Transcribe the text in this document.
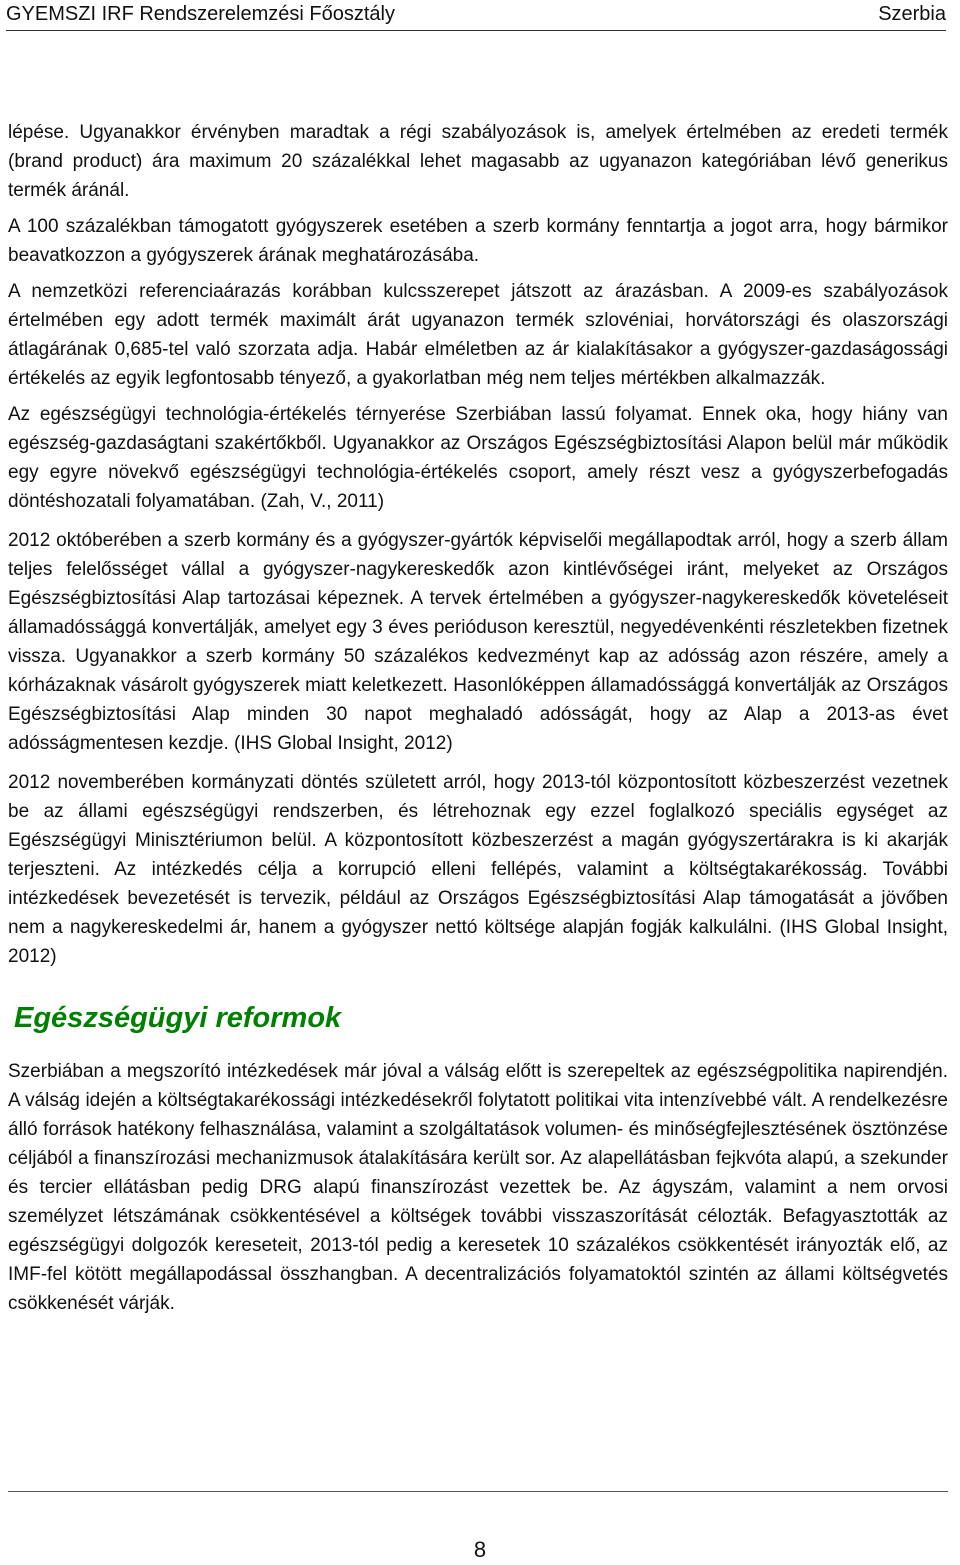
GYEMSZI IRF Rendszerelemzési Főosztály	Szerbia

lépése. Ugyanakkor érvényben maradtak a régi szabályozások is, amelyek értelmében az eredeti termék (brand product) ára maximum 20 százalékkal lehet magasabb az ugyanazon kategóriában lévő generikus termék áránál.

A 100 százalékban támogatott gyógyszerek esetében a szerb kormány fenntartja a jogot arra, hogy bármikor beavatkozzon a gyógyszerek árának meghatározásába.

A nemzetközi referenciaárazás korábban kulcsszerepet játszott az árazásban. A 2009-es szabályozások értelmében egy adott termék maximált árát ugyanazon termék szlovéniai, horvátországi és olaszországi átlagárának 0,685-tel való szorzata adja. Habár elméletben az ár kialakításakor a gyógyszer-gazdaságossági értékelés az egyik legfontosabb tényező, a gyakorlatban még nem teljes mértékben alkalmazzák.

Az egészségügyi technológia-értékelés térnyerése Szerbiában lassú folyamat. Ennek oka, hogy hiány van egészség-gazdaságtani szakértőkből. Ugyanakkor az Országos Egészségbiztosítási Alapon belül már működik egy egyre növekvő egészségügyi technológia-értékelés csoport, amely részt vesz a gyógyszerbefogadás döntéshozatali folyamatában. (Zah, V., 2011)

2012 októberében a szerb kormány és a gyógyszer-gyártók képviselői megállapodtak arról, hogy a szerb állam teljes felelősséget vállal a gyógyszer-nagykereskedők azon kintlévőségei iránt, melyeket az Országos Egészségbiztosítási Alap tartozásai képeznek. A tervek értelmében a gyógyszer-nagykereskedők követeléseit államadóssággá konvertálják, amelyet egy 3 éves perióduson keresztül, negyedévenkénti részletekben fizetnek vissza. Ugyanakkor a szerb kormány 50 százalékos kedvezményt kap az adósság azon részére, amely a kórházaknak vásárolt gyógyszerek miatt keletkezett. Hasonlóképpen államadóssággá konvertálják az Országos Egészségbiztosítási Alap minden 30 napot meghaladó adósságát, hogy az Alap a 2013-as évet adósságmentesen kezdje. (IHS Global Insight, 2012)

2012 novemberében kormányzati döntés született arról, hogy 2013-tól központosított közbeszerzést vezetnek be az állami egészségügyi rendszerben, és létrehoznak egy ezzel foglalkozó speciális egységet az Egészségügyi Minisztériumon belül. A központosított közbeszerzést a magán gyógyszertárakra is ki akarják terjeszteni. Az intézkedés célja a korrupció elleni fellépés, valamint a költségtakarékosság. További intézkedések bevezetését is tervezik, például az Országos Egészségbiztosítási Alap támogatását a jövőben nem a nagykereskedelmi ár, hanem a gyógyszer nettó költsége alapján fogják kalkulálni. (IHS Global Insight, 2012)

Egészségügyi reformok

Szerbiában a megszorító intézkedések már jóval a válság előtt is szerepeltek az egészségpolitika napirendjén. A válság idején a költségtakarékossági intézkedésekről folytatott politikai vita intenzívebbé vált. A rendelkezésre álló források hatékony felhasználása, valamint a szolgáltatások volumen- és minőségfejlesztésének ösztönzése céljából a finanszírozási mechanizmusok átalakítására került sor. Az alapellátásban fejkvóta alapú, a szekunder és tercier ellátásban pedig DRG alapú finanszírozást vezettek be. Az ágyszám, valamint a nem orvosi személyzet létszámának csökkentésével a költségek további visszaszorítását célozták. Befagyasztották az egészségügyi dolgozók kereseteit, 2013-tól pedig a keresetek 10 százalékos csökkentését irányozták elő, az IMF-fel kötött megállapodással összhangban. A decentralizációs folyamatoktól szintén az állami költségvetés csökkenését várják.

8
